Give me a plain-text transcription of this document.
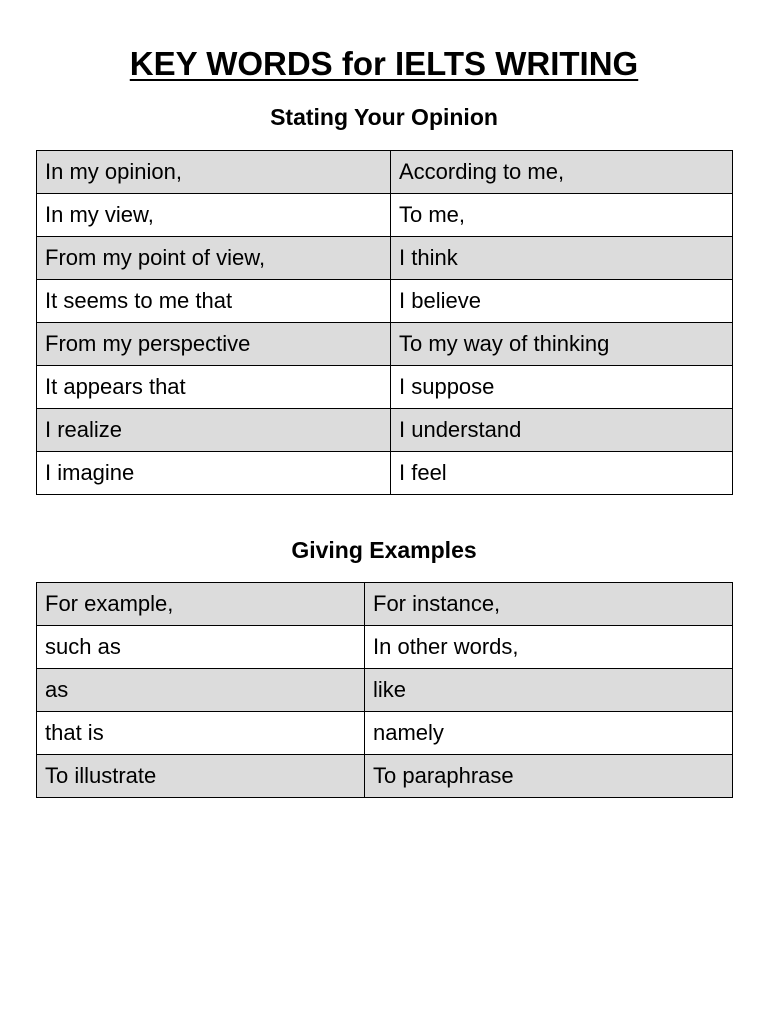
KEY WORDS for IELTS WRITING
Stating Your Opinion
In my opinion,	According to me,
In my view,	To me,
From my point of view,	I think
It seems to me that	I believe
From my perspective	To my way of thinking
It appears that	I suppose
I realize	I understand
I imagine	I feel
Giving Examples
For example,	For instance,
such as	In other words,
as	like
that is	namely
To illustrate	To paraphrase
